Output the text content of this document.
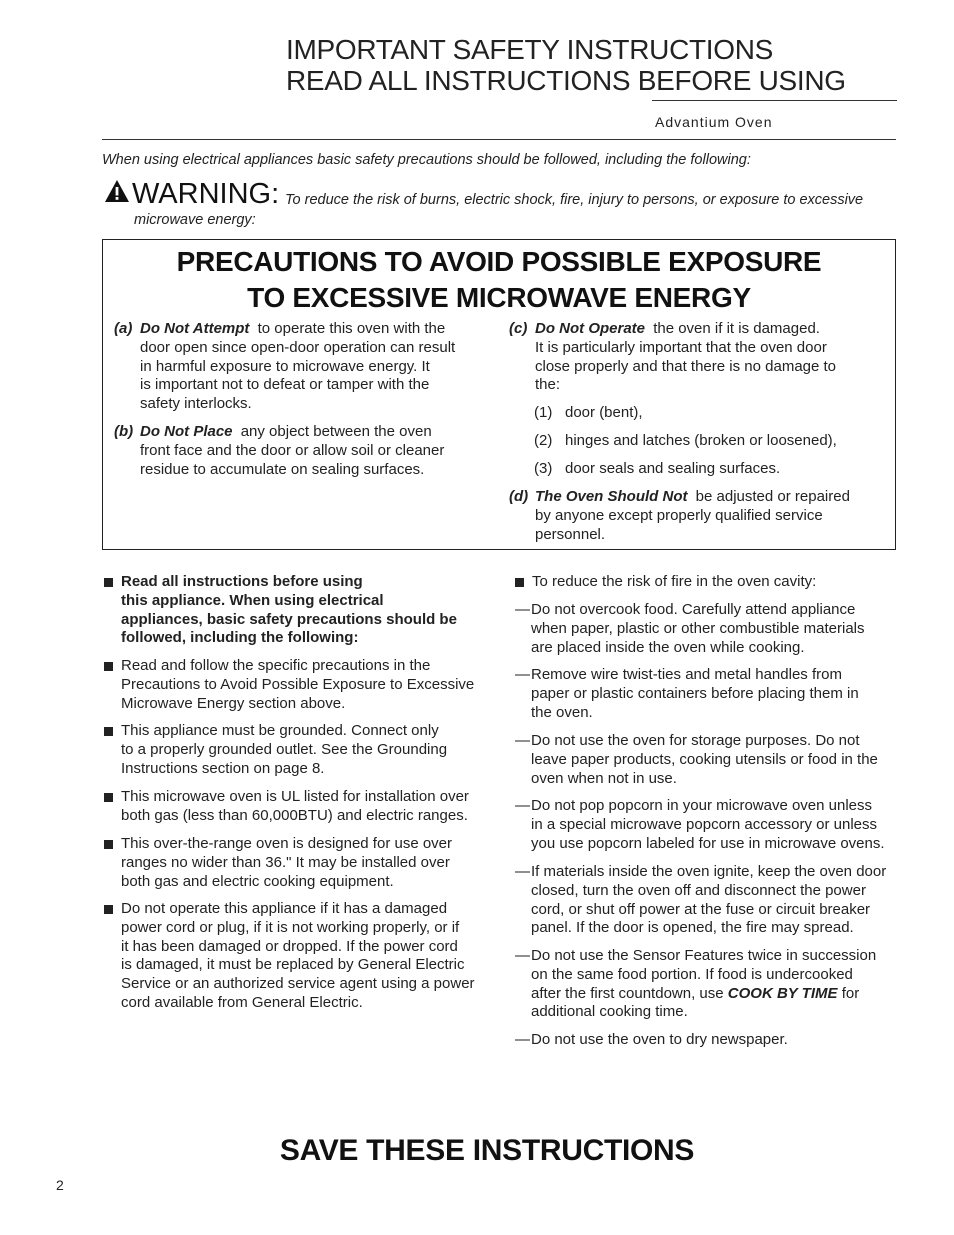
IMPORTANT SAFETY INSTRUCTIONS
READ ALL INSTRUCTIONS BEFORE USING
Advantium Oven
When using electrical appliances basic safety precautions should be followed, including the following:
WARNING: To reduce the risk of burns, electric shock, fire, injury to persons, or exposure to excessive
microwave energy:
PRECAUTIONS TO AVOID POSSIBLE EXPOSURE
TO EXCESSIVE MICROWAVE ENERGY
(a) Do Not Attempt to operate this oven with the
door open since open-door operation can result
in harmful exposure to microwave energy. It
is important not to defeat or tamper with the
safety interlocks.
(b) Do Not Place any object between the oven
front face and the door or allow soil or cleaner
residue to accumulate on sealing surfaces.
(c) Do Not Operate the oven if it is damaged.
It is particularly important that the oven door
close properly and that there is no damage to
the:
(1) door (bent),
(2) hinges and latches (broken or loosened),
(3) door seals and sealing surfaces.
(d) The Oven Should Not be adjusted or repaired
by anyone except properly qualified service
personnel.
Read all instructions before using
this appliance. When using electrical
appliances, basic safety precautions should be
followed, including the following:
Read and follow the specific precautions in the
Precautions to Avoid Possible Exposure to Excessive
Microwave Energy section above.
This appliance must be grounded. Connect only
to a properly grounded outlet. See the Grounding
Instructions section on page 8.
This microwave oven is UL listed for installation over
both gas (less than 60,000BTU) and electric ranges.
This over-the-range oven is designed for use over
ranges no wider than 36." It may be installed over
both gas and electric cooking equipment.
Do not operate this appliance if it has a damaged
power cord or plug, if it is not working properly, or if
it has been damaged or dropped. If the power cord
is damaged, it must be replaced by General Electric
Service or an authorized service agent using a power
cord available from General Electric.
To reduce the risk of fire in the oven cavity:
— Do not overcook food. Carefully attend appliance
when paper, plastic or other combustible materials
are placed inside the oven while cooking.
— Remove wire twist-ties and metal handles from
paper or plastic containers before placing them in
the oven.
— Do not use the oven for storage purposes. Do not
leave paper products, cooking utensils or food in the
oven when not in use.
— Do not pop popcorn in your microwave oven unless
in a special microwave popcorn accessory or unless
you use popcorn labeled for use in microwave ovens.
— If materials inside the oven ignite, keep the oven door
closed, turn the oven off and disconnect the power
cord, or shut off power at the fuse or circuit breaker
panel. If the door is opened, the fire may spread.
— Do not use the Sensor Features twice in succession
on the same food portion. If food is undercooked
after the first countdown, use COOK BY TIME for
additional cooking time.
— Do not use the oven to dry newspaper.
SAVE THESE INSTRUCTIONS
2
